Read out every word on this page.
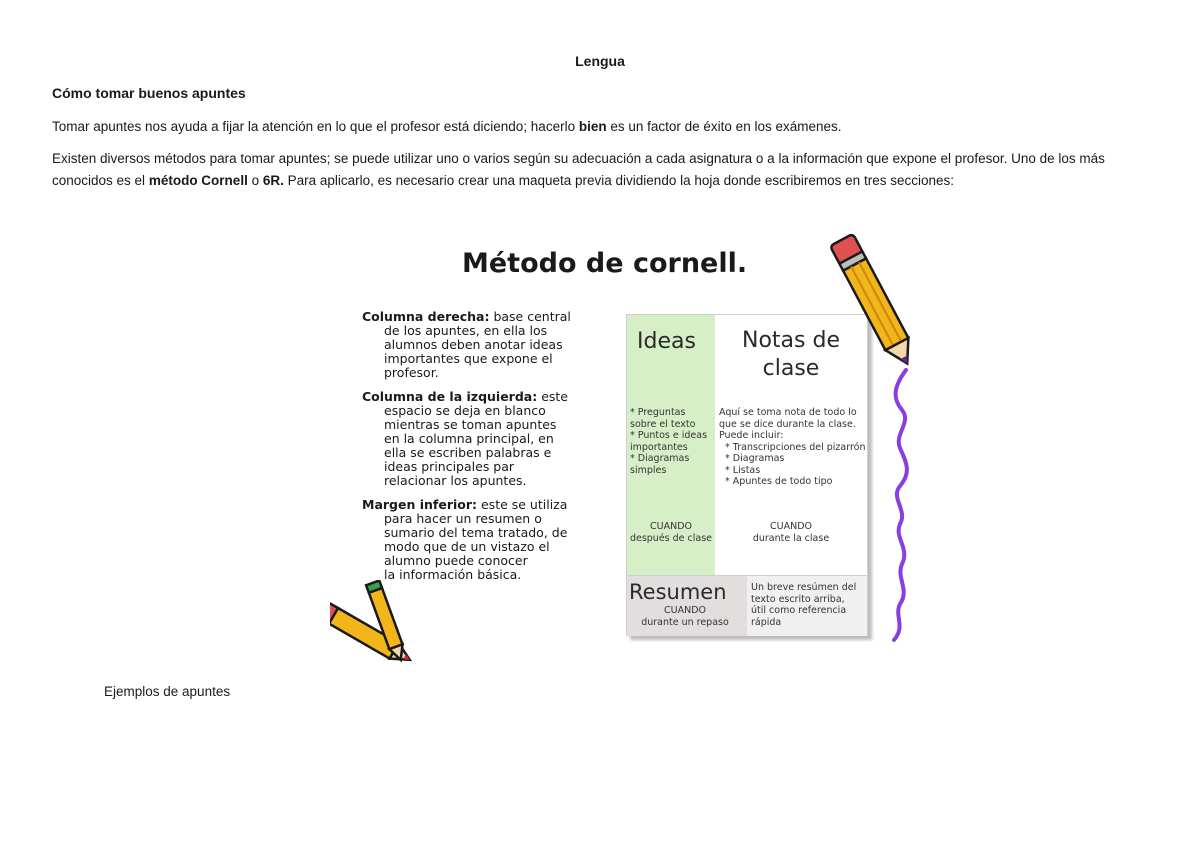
Lengua
Cómo tomar buenos apuntes
Tomar apuntes nos ayuda a fijar la atención en lo que el profesor está diciendo; hacerlo bien es un factor de éxito en los exámenes.
Existen diversos métodos para tomar apuntes; se puede utilizar uno o varios según su adecuación a cada asignatura o a la información que expone el profesor. Uno de los más conocidos es el método Cornell o 6R. Para aplicarlo, es necesario crear una maqueta previa dividiendo la hoja donde escribiremos en tres secciones:
Método de cornell.
Columna derecha: base central
de los apuntes, en ella los
alumnos deben anotar ideas
importantes que expone el
profesor.
Columna de la izquierda: este
espacio se deja en blanco
mientras se toman apuntes
en la columna principal, en
ella se escriben palabras e
ideas principales par
relacionar los apuntes.
Margen inferior: este se utiliza
para hacer un resumen o
sumario del tema tratado, de
modo que de un vistazo el
alumno puede conocer
la información básica.
Ideas
* Preguntas
sobre el texto
* Puntos e ideas
importantes
* Diagramas
simples
CUANDO
después de clase
Notas de
clase
Aquí se toma nota de todo lo
que se dice durante la clase.
Puede incluir:
* Transcripciones del pizarrón
* Diagramas
* Listas
* Apuntes de todo tipo
CUANDO
durante la clase
Resumen
CUANDO
durante un repaso
Un breve resúmen del
texto escrito arriba,
útil como referencia
rápida
Ejemplos de apuntes
